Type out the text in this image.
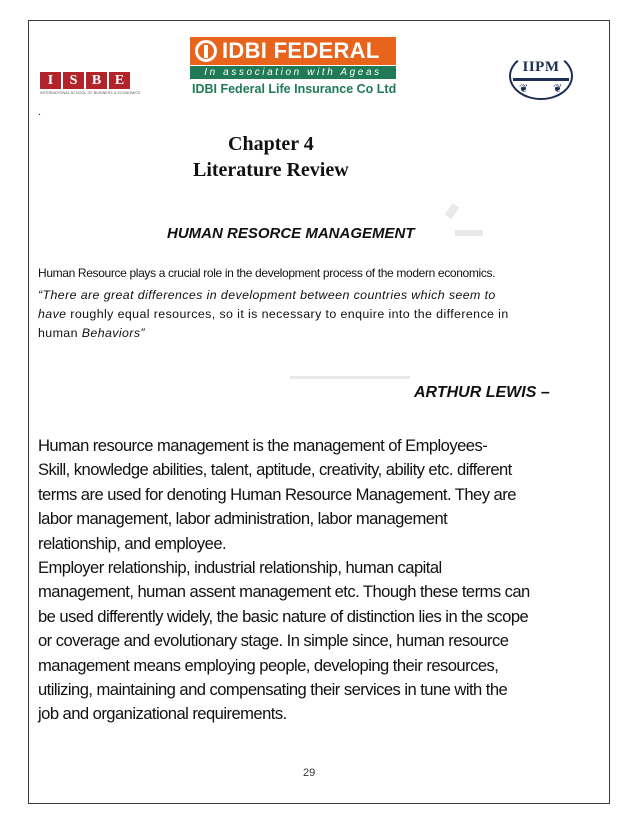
I	S	B E
INTERNATIONAL SCHOOL OF BUSINESS & ECONOMICS
IDBI FEDERAL
In association with Ageas
IDBI Federal Life Insurance Co Ltd
IIPM
❦ ❦
.
Chapter 4
Literature Review
HUMAN RESORCE MANAGEMENT
Human Resource plays a crucial role in the development process of the modern economics.
“There are great differences in development between countries which seem to
have roughly equal resources, so it is necessary to enquire into the difference in
human Behaviors”
ARTHUR LEWIS –
Human resource management is the management of Employees-
Skill, knowledge abilities, talent, aptitude, creativity, ability etc. different
terms are used for denoting Human Resource Management. They are
labor management, labor administration, labor management
relationship, and employee.
Employer relationship, industrial relationship, human capital
management, human assent management etc. Though these terms can
be used differently widely, the basic nature of distinction lies in the scope
or coverage and evolutionary stage. In simple since, human resource
management means employing people, developing their resources,
utilizing, maintaining and compensating their services in tune with the
job and organizational requirements.
29
